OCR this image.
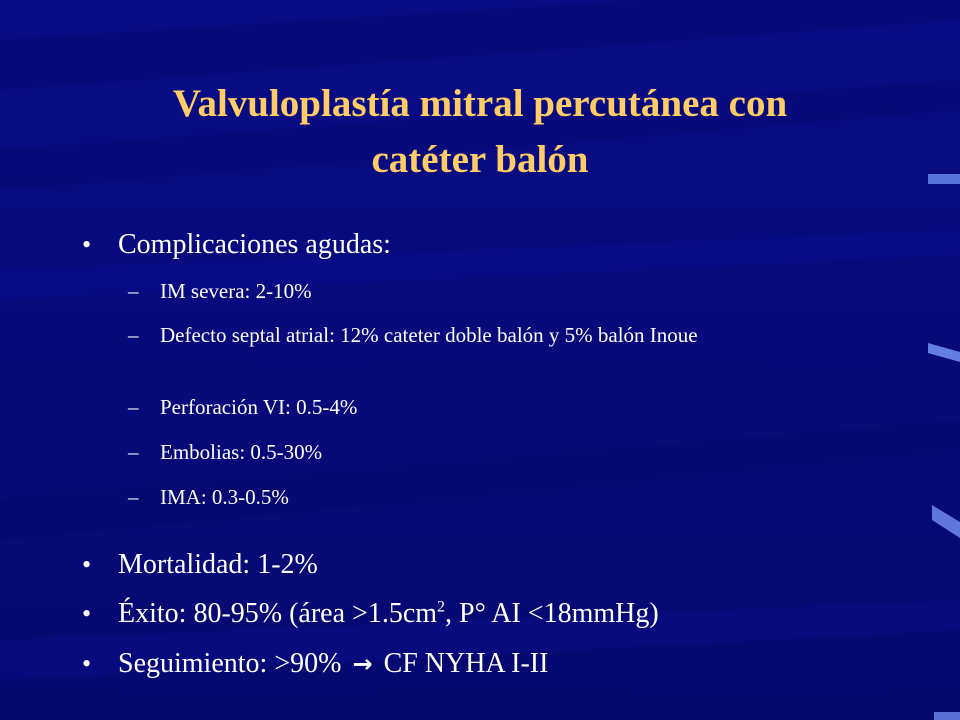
Valvuloplastía mitral percutánea con
catéter balón
• Complicaciones agudas:
– IM severa: 2-10%
– Defecto septal atrial: 12% cateter doble balón y 5% balón Inoue
– Perforación VI: 0.5-4%
– Embolias: 0.5-30%
– IMA: 0.3-0.5%
• Mortalidad: 1-2%
• Éxito: 80-95% (área $>1.5cm^2$, P° AI <18mmHg)
• Seguimiento: >90% → CF NYHA I-II
